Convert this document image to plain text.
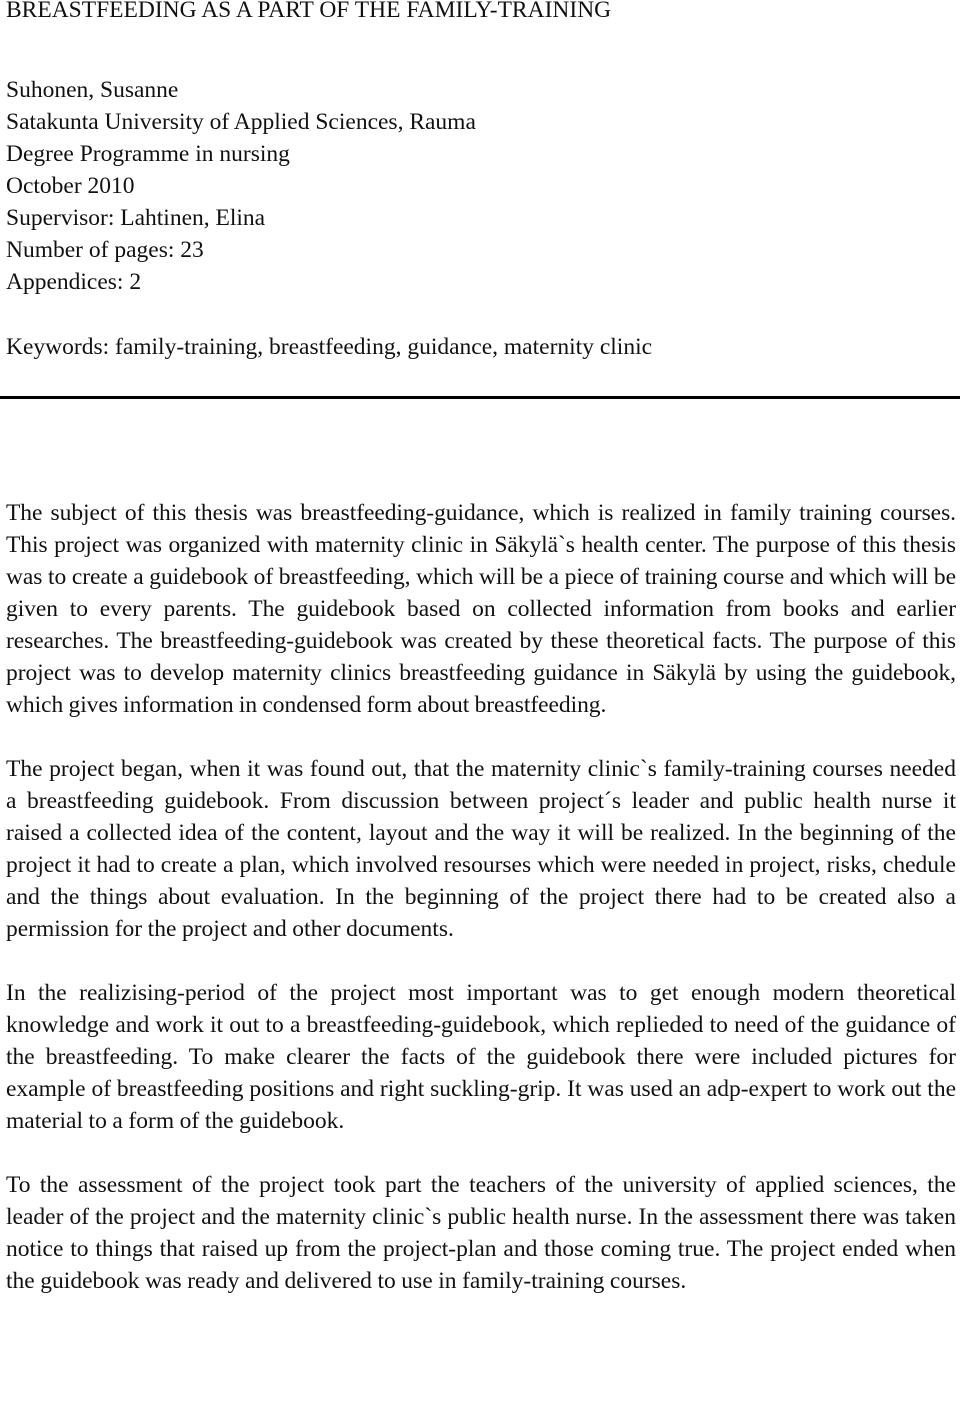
BREASTFEEDING AS A PART OF THE FAMILY-TRAINING
Suhonen, Susanne
Satakunta University of Applied Sciences, Rauma
Degree Programme in nursing
October 2010
Supervisor: Lahtinen, Elina
Number of pages: 23
Appendices: 2
Keywords: family-training, breastfeeding, guidance, maternity clinic

The subject of this thesis was breastfeeding-guidance, which is realized in family training courses. This project was organized with maternity clinic in Säkylä`s health center. The purpose of this thesis was to create a guidebook of breastfeeding, which will be a piece of training course and which will be given to every parents. The guidebook based on collected information from books and earlier researches. The breastfeeding-guidebook was created by these theoretical facts. The purpose of this project was to develop maternity clinics breastfeeding guidance in Säkylä by using the guidebook, which gives information in condensed form about breastfeeding.

The project began, when it was found out, that the maternity clinic`s family-training courses needed a breastfeeding guidebook. From discussion between project´s leader and public health nurse it raised a collected idea of the content, layout and the way it will be realized. In the beginning of the project it had to create a plan, which involved resourses which were needed in project, risks, chedule and the things about evaluation. In the beginning of the project there had to be created also a permission for the project and other documents.

In the realizising-period of the project most important was to get enough modern theoretical knowledge and work it out to a breastfeeding-guidebook, which replieded to need of the guidance of the breastfeeding. To make clearer the facts of the guidebook there were included pictures for example of breastfeeding positions and right suckling-grip. It was used an adp-expert to work out the material to a form of the guidebook.

To the assessment of the project took part the teachers of the university of applied sciences, the leader of the project and the maternity clinic`s public health nurse. In the assessment there was taken notice to things that raised up from the project-plan and those coming true. The project ended when the guidebook was ready and delivered to use in family-training courses.
